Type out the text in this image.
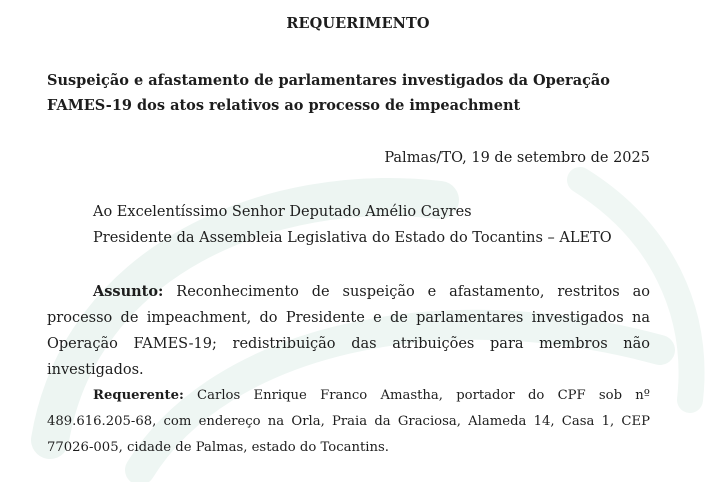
REQUERIMENTO
Suspeição e afastamento de parlamentares investigados da Operação FAMES-19 dos atos relativos ao processo de impeachment
Palmas/TO, 19 de setembro de 2025
Ao Excelentíssimo Senhor Deputado Amélio Cayres
Presidente da Assembleia Legislativa do Estado do Tocantins – ALETO

Assunto: Reconhecimento de suspeição e afastamento, restritos ao processo de impeachment, do Presidente e de parlamentares investigados na Operação FAMES-19; redistribuição das atribuições para membros não investigados.

Requerente: Carlos Enrique Franco Amastha, portador do CPF sob nº 489.616.205-68, com endereço na Orla, Praia da Graciosa, Alameda 14, Casa 1, CEP 77026-005, cidade de Palmas, estado do Tocantins.
